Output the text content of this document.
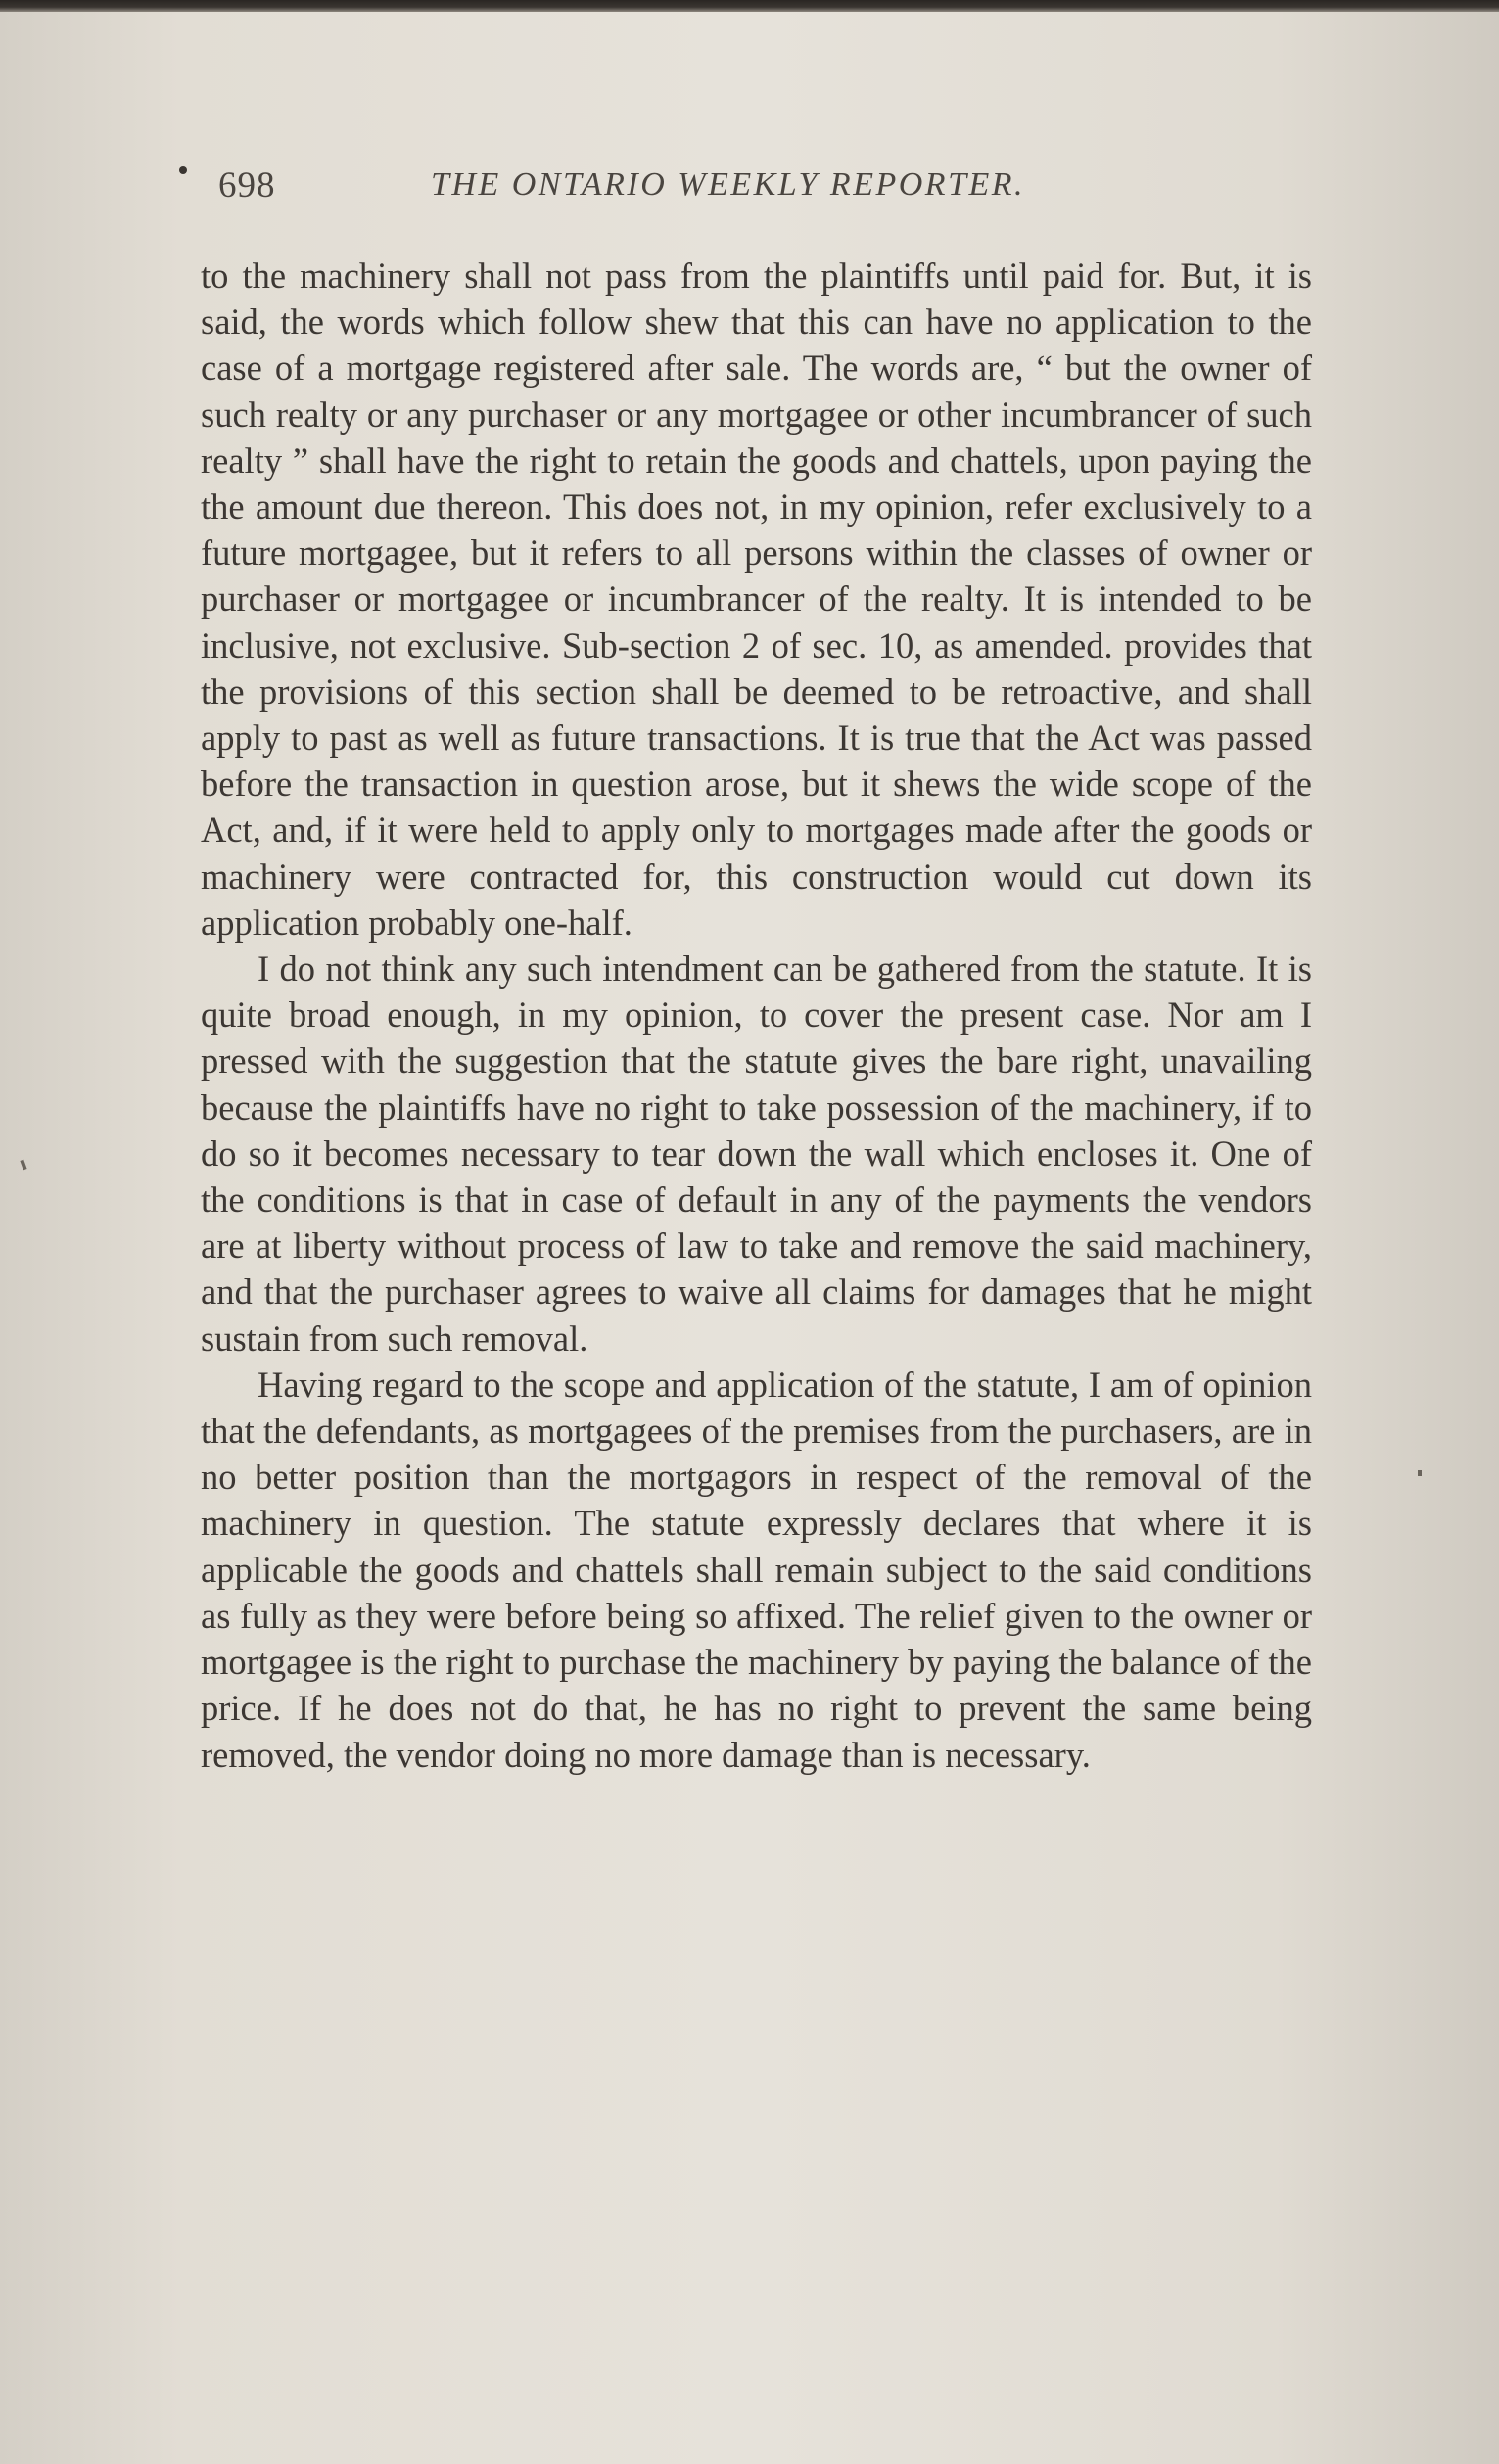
698	THE ONTARIO WEEKLY REPORTER.

to the machinery shall not pass from the plaintiffs until paid for. But, it is said, the words which follow shew that this can have no application to the case of a mortgage registered after sale. The words are, “ but the owner of such realty or any purchaser or any mortgagee or other incumbrancer of such realty ” shall have the right to retain the goods and chattels, upon paying the the amount due thereon. This does not, in my opinion, refer exclusively to a future mortgagee, but it refers to all persons within the classes of owner or purchaser or mortgagee or incumbrancer of the realty. It is intended to be inclusive, not exclusive. Sub-section 2 of sec. 10, as amended. provides that the provisions of this section shall be deemed to be retroactive, and shall apply to past as well as future transactions. It is true that the Act was passed before the transaction in question arose, but it shews the wide scope of the Act, and, if it were held to apply only to mortgages made after the goods or machinery were contracted for, this construction would cut down its application probably one-half.

I do not think any such intendment can be gathered from the statute. It is quite broad enough, in my opinion, to cover the present case. Nor am I pressed with the suggestion that the statute gives the bare right, unavailing because the plaintiffs have no right to take possession of the machinery, if to do so it becomes necessary to tear down the wall which encloses it. One of the conditions is that in case of default in any of the payments the vendors are at liberty without process of law to take and remove the said machinery, and that the purchaser agrees to waive all claims for damages that he might sustain from such removal.

Having regard to the scope and application of the statute, I am of opinion that the defendants, as mortgagees of the premises from the purchasers, are in no better position than the mortgagors in respect of the removal of the machinery in question. The statute expressly declares that where it is applicable the goods and chattels shall remain subject to the said conditions as fully as they were before being so affixed. The relief given to the owner or mortgagee is the right to purchase the machinery by paying the balance of the price. If he does not do that, he has no right to prevent the same being removed, the vendor doing no more damage than is necessary.
